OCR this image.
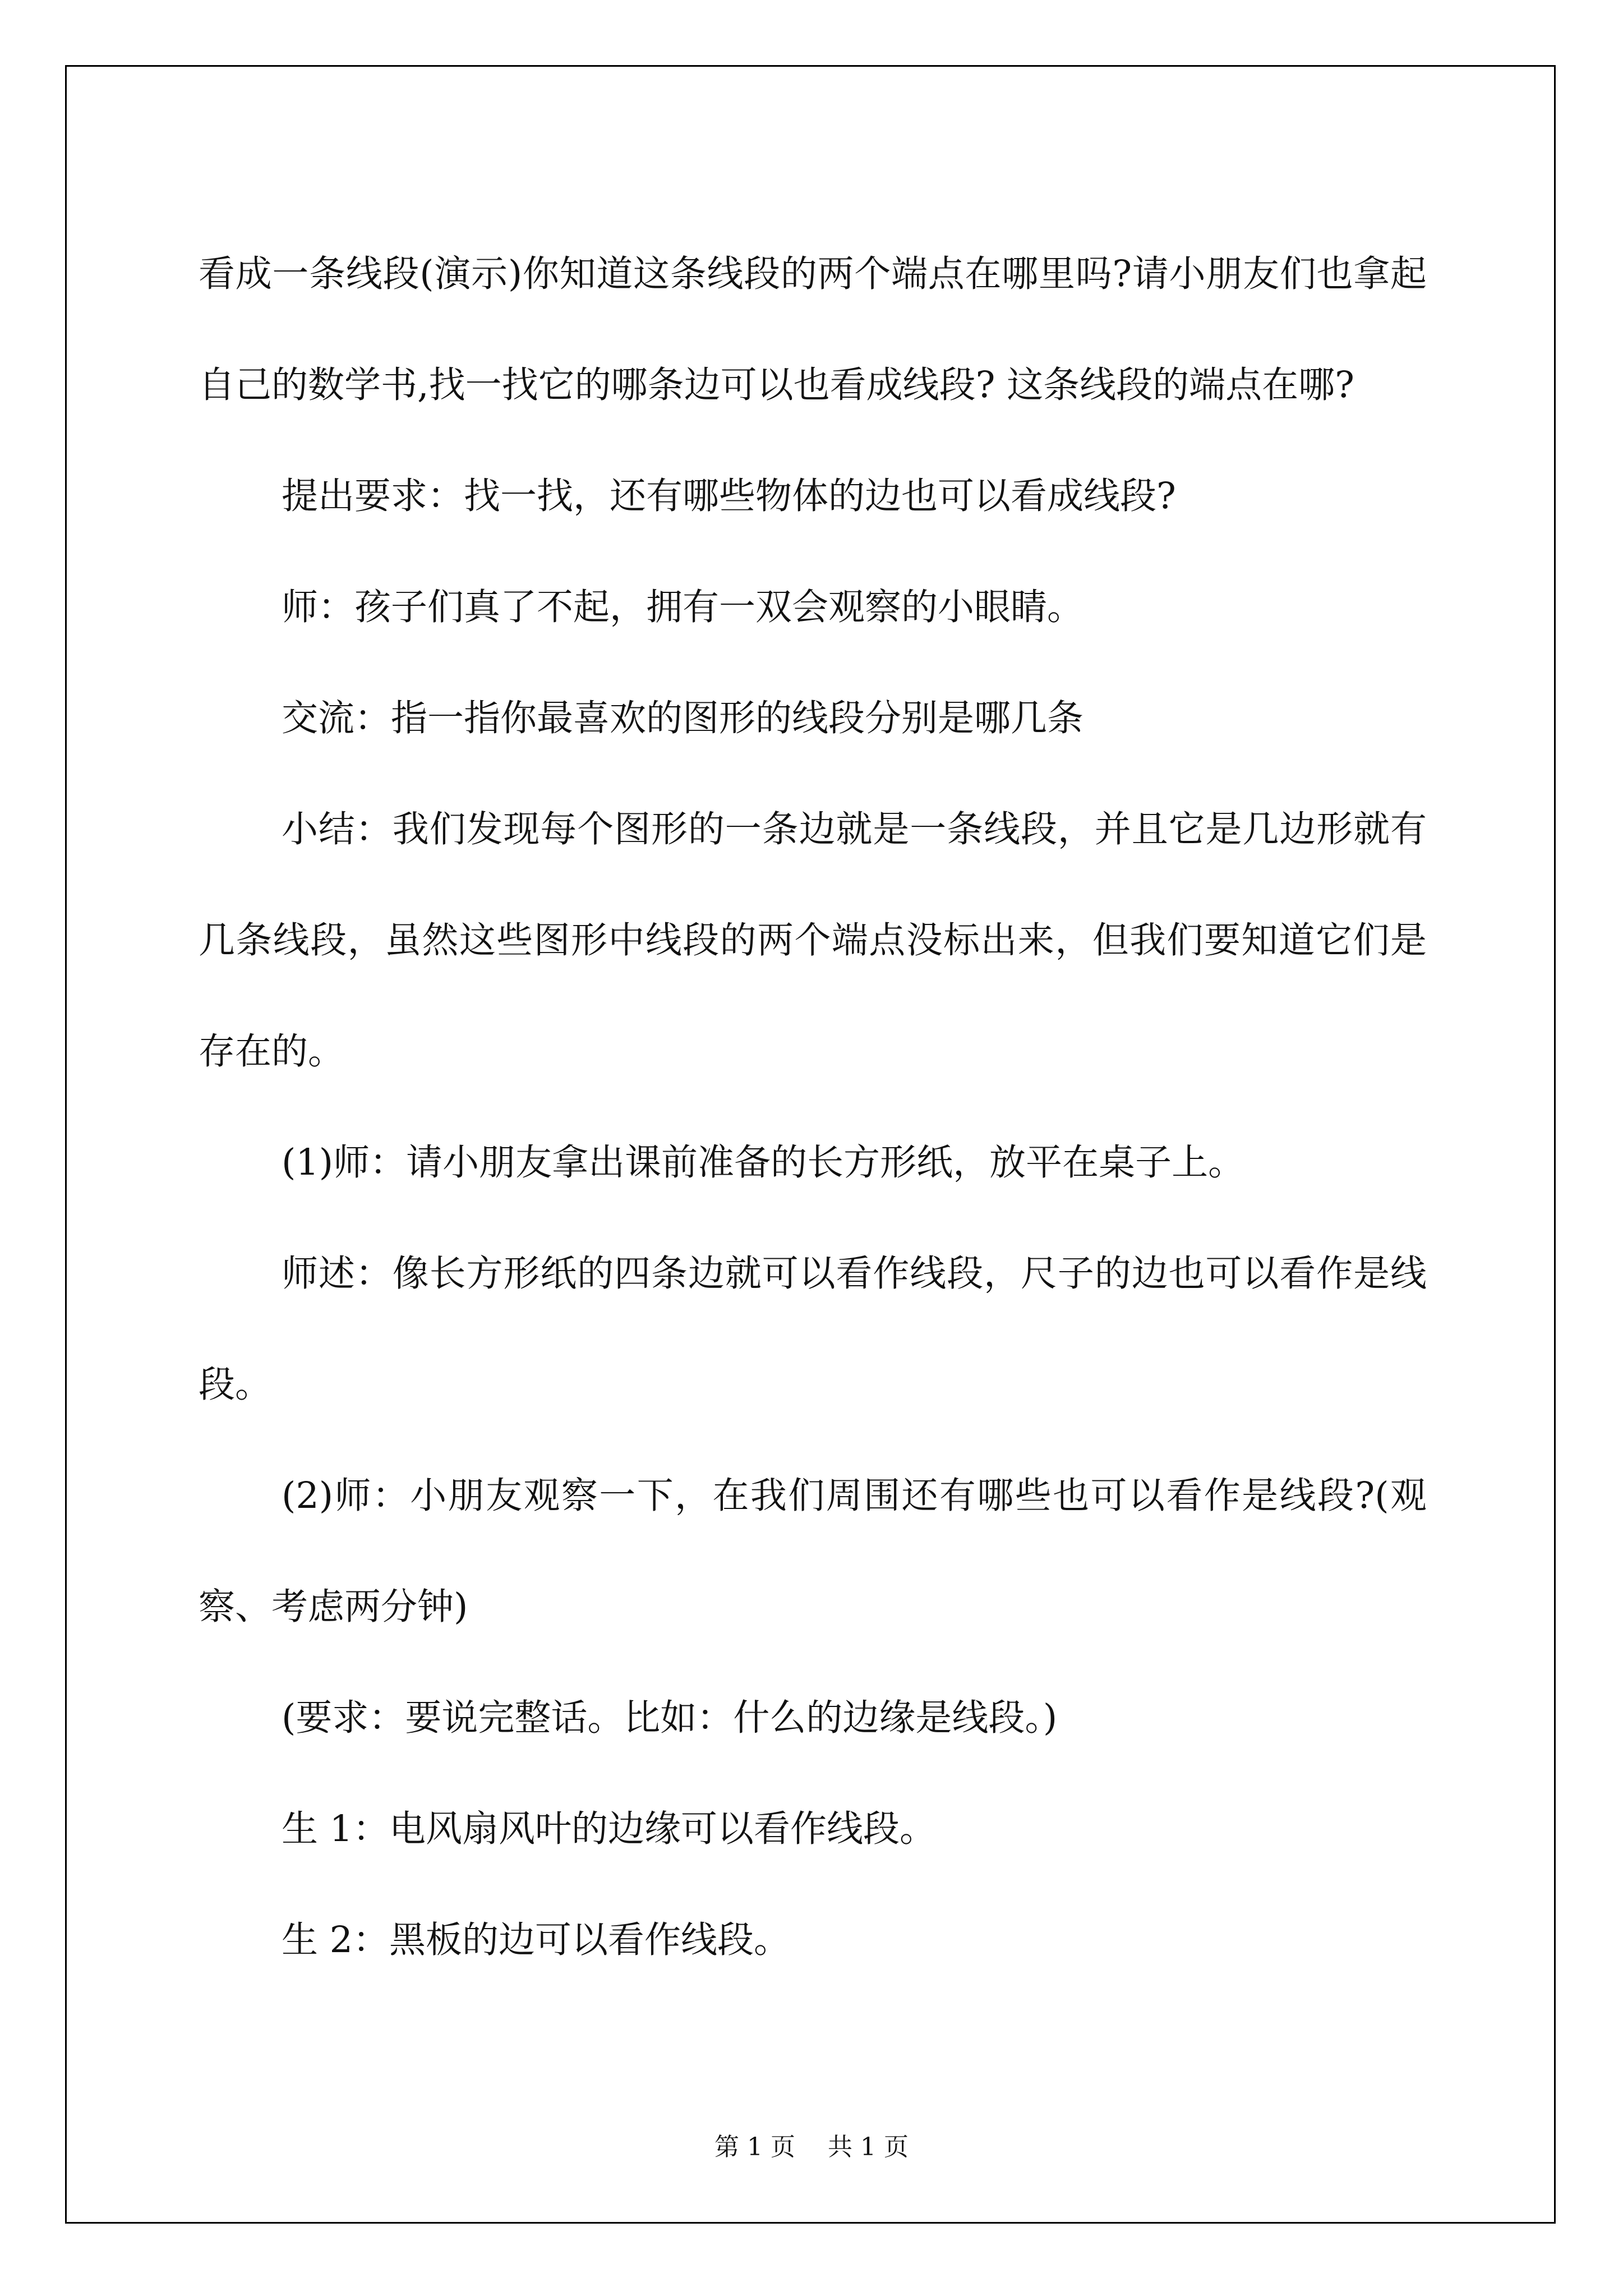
看成一条线段(演示)你知道这条线段的两个端点在哪里吗?请小朋友们也拿起自己的数学书,找一找它的哪条边可以也看成线段? 这条线段的端点在哪?

提出要求：找一找，还有哪些物体的边也可以看成线段?

师：孩子们真了不起，拥有一双会观察的小眼睛。

交流：指一指你最喜欢的图形的线段分别是哪几条

小结：我们发现每个图形的一条边就是一条线段，并且它是几边形就有几条线段，虽然这些图形中线段的两个端点没标出来，但我们要知道它们是存在的。

(1)师：请小朋友拿出课前准备的长方形纸，放平在桌子上。

师述：像长方形纸的四条边就可以看作线段，尺子的边也可以看作是线段。

(2)师：小朋友观察一下，在我们周围还有哪些也可以看作是线段?(观察、考虑两分钟)

(要求：要说完整话。比如：什么的边缘是线段。)

生 1：电风扇风叶的边缘可以看作线段。

生 2：黑板的边可以看作线段。

第 1 页　 共 1 页
